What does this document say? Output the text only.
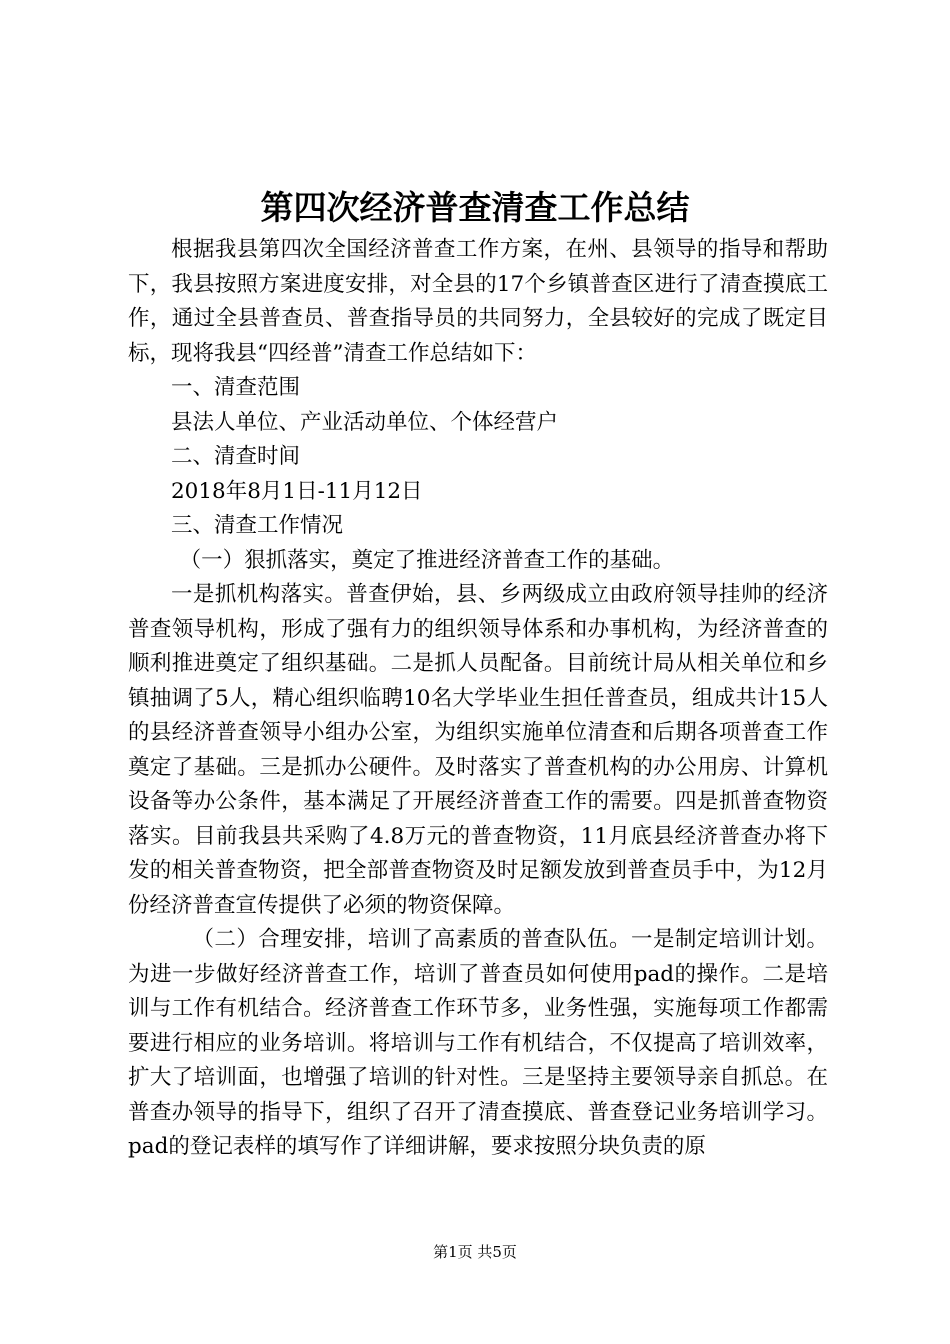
第四次经济普查清查工作总结

根据我县第四次全国经济普查工作方案，在州、县领导的指导和帮助下，我县按照方案进度安排，对全县的17个乡镇普查区进行了清查摸底工作，通过全县普查员、普查指导员的共同努力，全县较好的完成了既定目标，现将我县“四经普”清查工作总结如下：

一、清查范围

县法人单位、产业活动单位、个体经营户

二、清查时间

2018年8月1日-11月12日

三、清查工作情况

（一）狠抓落实，奠定了推进经济普查工作的基础。

一是抓机构落实。普查伊始，县、乡两级成立由政府领导挂帅的经济普查领导机构，形成了强有力的组织领导体系和办事机构，为经济普查的顺利推进奠定了组织基础。二是抓人员配备。目前统计局从相关单位和乡镇抽调了5人，精心组织临聘10名大学毕业生担任普查员，组成共计15人的县经济普查领导小组办公室，为组织实施单位清查和后期各项普查工作奠定了基础。三是抓办公硬件。及时落实了普查机构的办公用房、计算机设备等办公条件，基本满足了开展经济普查工作的需要。四是抓普查物资落实。目前我县共采购了4.8万元的普查物资，11月底县经济普查办将下发的相关普查物资，把全部普查物资及时足额发放到普查员手中，为12月份经济普查宣传提供了必须的物资保障。

（二）合理安排，培训了高素质的普查队伍。一是制定培训计划。为进一步做好经济普查工作，培训了普查员如何使用pad的操作。二是培训与工作有机结合。经济普查工作环节多，业务性强，实施每项工作都需要进行相应的业务培训。将培训与工作有机结合，不仅提高了培训效率，扩大了培训面，也增强了培训的针对性。三是坚持主要领导亲自抓总。在普查办领导的指导下，组织了召开了清查摸底、普查登记业务培训学习。pad的登记表样的填写作了详细讲解，要求按照分块负责的原

第1页 共5页
